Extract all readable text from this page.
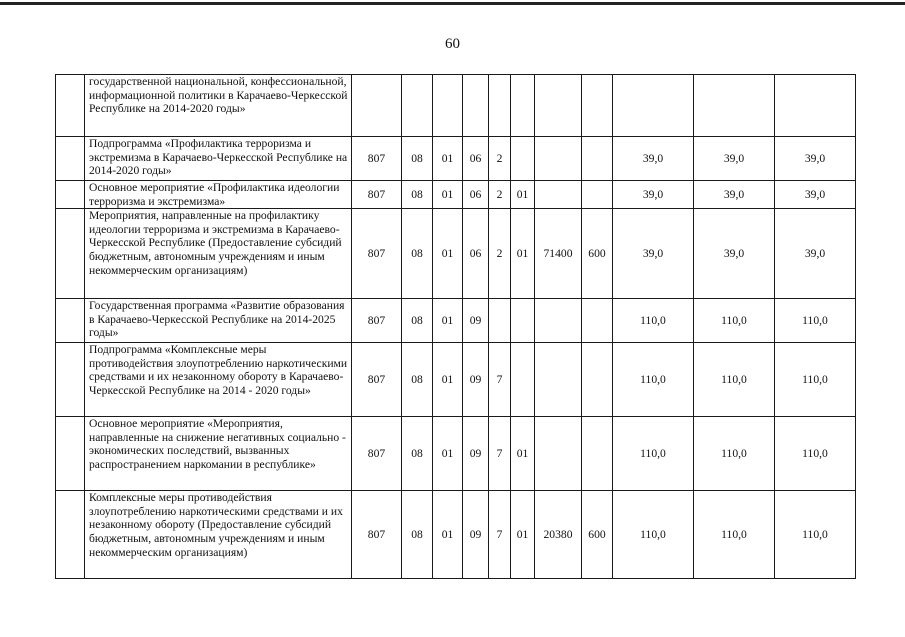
60
	государственной национальной, конфессиональной, информационной политики в Карачаево-Черкесской Республике на 2014-2020 годы»											
	Подпрограмма «Профилактика терроризма и экстремизма в Карачаево-Черкесской Республике на 2014-2020 годы»	807	08	01	06	2				39,0	39,0	39,0
	Основное мероприятие «Профилактика идеологии терроризма и экстремизма»	807	08	01	06	2	01			39,0	39,0	39,0
	Мероприятия, направленные на профилактику идеологии терроризма и экстремизма в Карачаево-Черкесской Республике (Предоставление субсидий бюджетным, автономным учреждениям и иным некоммерческим организациям)	807	08	01	06	2	01	71400	600	39,0	39,0	39,0
	Государственная программа «Развитие образования в Карачаево-Черкесской Республике на 2014-2025 годы»	807	08	01	09					110,0	110,0	110,0
	Подпрограмма «Комплексные меры противодействия злоупотреблению наркотическими средствами и их незаконному обороту в Карачаево-Черкесской Республике на 2014 - 2020 годы»	807	08	01	09	7				110,0	110,0	110,0
	Основное мероприятие «Мероприятия, направленные на снижение негативных социально - экономических последствий, вызванных распространением наркомании в республике»	807	08	01	09	7	01			110,0	110,0	110,0
	Комплексные меры противодействия злоупотреблению наркотическими средствами и их незаконному обороту (Предоставление субсидий бюджетным, автономным учреждениям и иным некоммерческим организациям)	807	08	01	09	7	01	20380	600	110,0	110,0	110,0
